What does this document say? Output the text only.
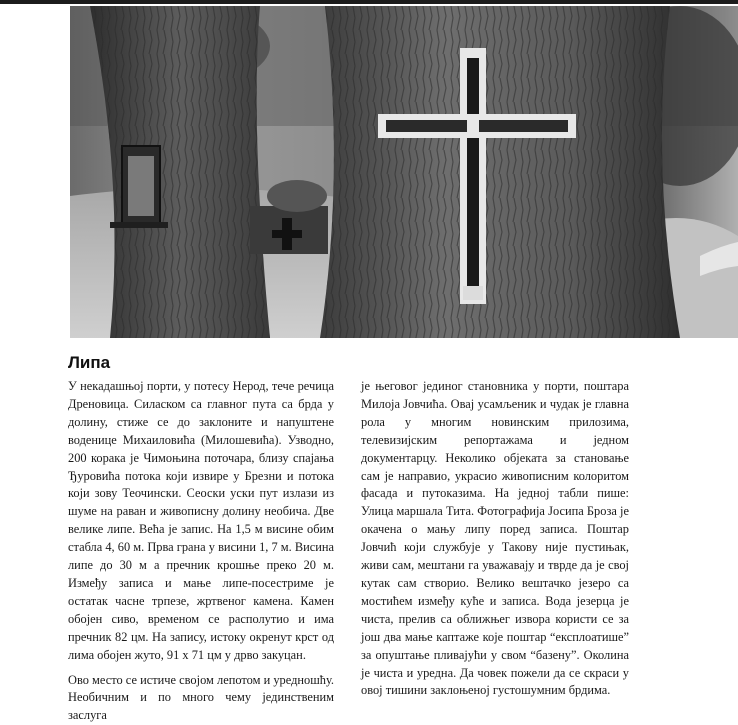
Липа

У некадашњој порти, у потесу Нерод, тече речица Дреновица. Силаском са главног пута са брда у долину, стиже се до заклоните и напуштене воденице Михаиловића (Милошевића). Узводно, 200 корака је Чимоњина поточара, близу спајања Ђуровића потока који извире у Брезни и потока који зову Теочински. Сеоски уски пут излази из шуме на раван и живописну долину необича. Две велике липе. Већа је запис. На 1,5 м висине обим стабла 4, 60 м. Прва грана у висини 1, 7 м. Висина липе до 30 м а пречник крошње преко 20 м. Између записа и мање липе-посестриме је остатак часне трпезе, жртвеног камена. Камен обојен сиво, временом се располутио и има пречник 82 цм. На запису, истоку окренут крст од лима обојен жуто, 91 х 71 цм у дрво закуцан.

Ово место се истиче својом лепотом и уредношћу. Необичним и по много чему јединственим заслуга

је његовог јединог становника у порти, поштара Милоја Јовчића. Овај усамљеник и чудак је главна рола у многим новинским прилозима, телевизијским репортажама и једном документарцу. Неколико објеката за становање сам је направио, украсио живописним колоритом фасада и путоказима. На једној табли пише: Улица маршала Тита. Фотографија Јосипа Броза је окачена о мању липу поред записа. Поштар Јовчић који службује у Такову није пустињак, живи сам, мештани га уважавају и тврде да је свој кутак сам створио. Велико вештачко језеро са мостићем између куће и записа. Вода језерца је чиста, прелив са оближњег извора користи се за још два мање каптаже које поштар “експлоатише” за опуштање пливајући у свом “базену”. Околина је чиста и уредна. Да човек пожели да се скраси у овој тишини заклоњеној густошумним брдима.
